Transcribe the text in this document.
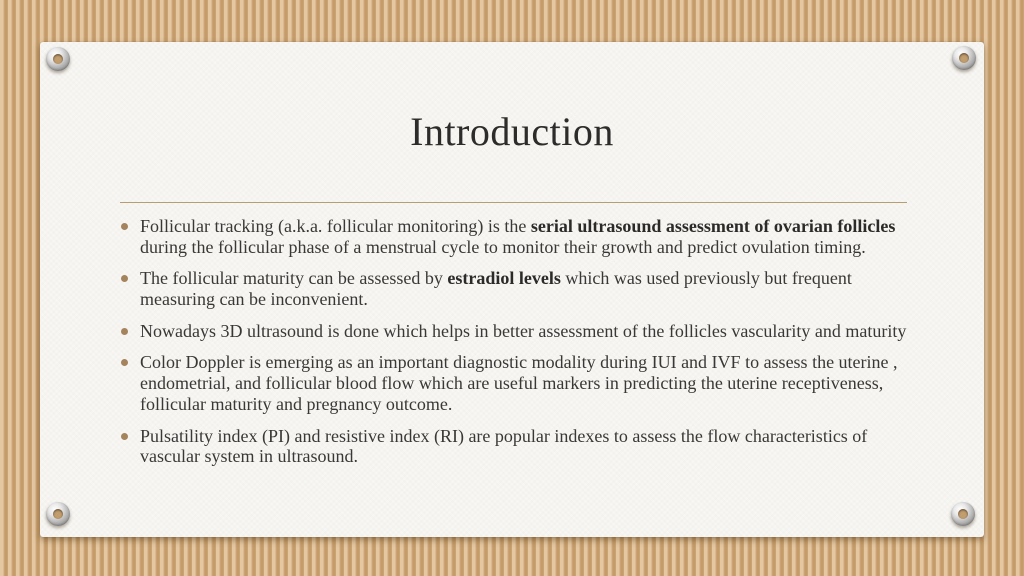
Introduction
Follicular tracking (a.k.a. follicular monitoring) is the serial ultrasound assessment of ovarian follicles during the follicular phase of a menstrual cycle to monitor their growth and predict ovulation timing.
The follicular maturity can be assessed by estradiol levels which was used previously but frequent measuring can be inconvenient.
Nowadays 3D ultrasound is done which helps in better assessment of the follicles vascularity and maturity
Color Doppler is emerging as an important diagnostic modality during IUI and IVF to assess the uterine , endometrial, and follicular blood flow which are useful markers in predicting the uterine receptiveness, follicular maturity and pregnancy outcome.
Pulsatility index (PI) and resistive index (RI) are popular indexes to assess the flow characteristics of vascular system in ultrasound.
